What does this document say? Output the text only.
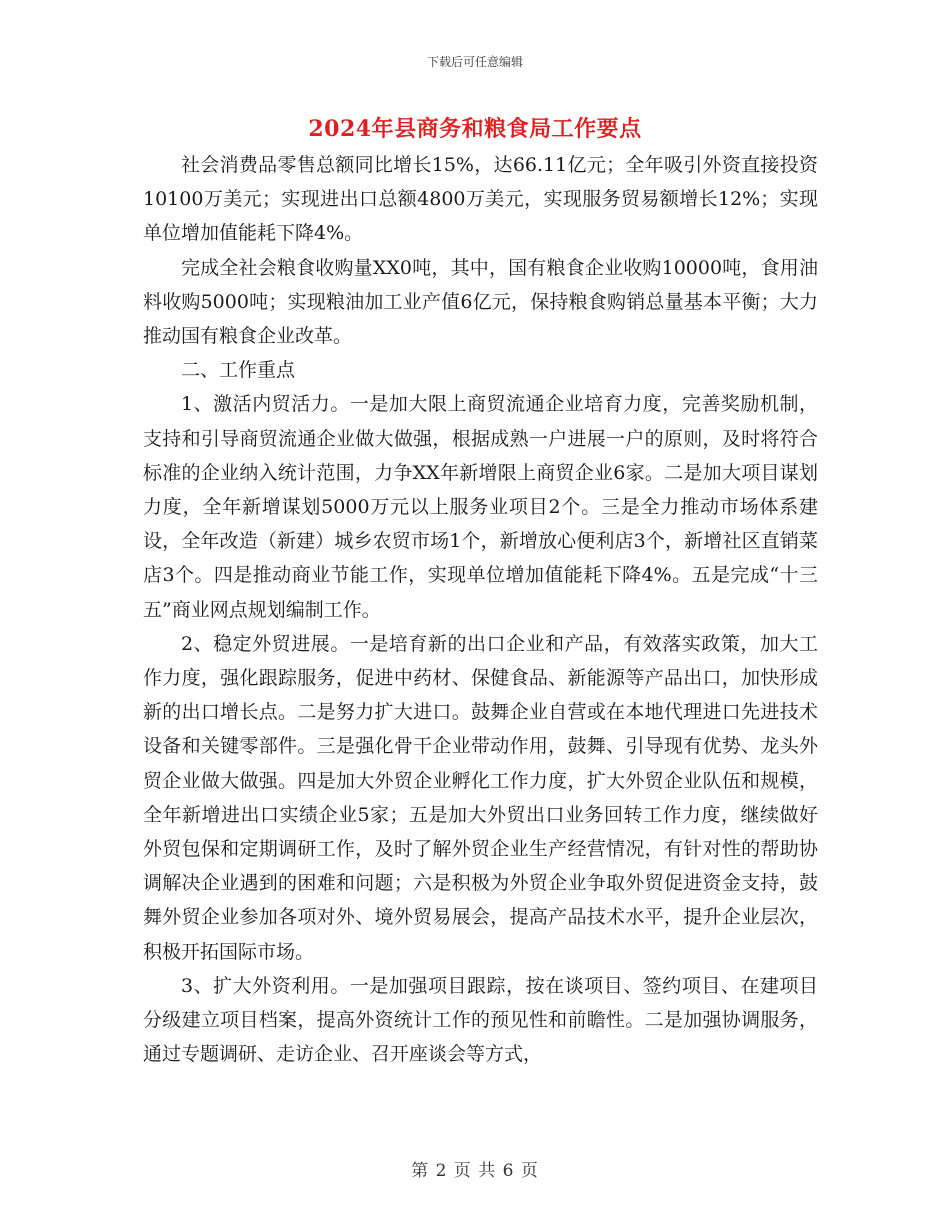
下载后可任意编辑
2024年县商务和粮食局工作要点

社会消费品零售总额同比增长15%，达66.11亿元；全年吸引外资直接投资10100万美元；实现进出口总额4800万美元，实现服务贸易额增长12%；实现单位增加值能耗下降4%。

完成全社会粮食收购量XX0吨，其中，国有粮食企业收购10000吨，食用油料收购5000吨；实现粮油加工业产值6亿元，保持粮食购销总量基本平衡；大力推动国有粮食企业改革。

二、工作重点

1、激活内贸活力。一是加大限上商贸流通企业培育力度，完善奖励机制，支持和引导商贸流通企业做大做强，根据成熟一户进展一户的原则，及时将符合标准的企业纳入统计范围，力争XX年新增限上商贸企业6家。二是加大项目谋划力度，全年新增谋划5000万元以上服务业项目2个。三是全力推动市场体系建设，全年改造（新建）城乡农贸市场1个，新增放心便利店3个，新增社区直销菜店3个。四是推动商业节能工作，实现单位增加值能耗下降4%。五是完成“十三五”商业网点规划编制工作。

2、稳定外贸进展。一是培育新的出口企业和产品，有效落实政策，加大工作力度，强化跟踪服务，促进中药材、保健食品、新能源等产品出口，加快形成新的出口增长点。二是努力扩大进口。鼓舞企业自营或在本地代理进口先进技术设备和关键零部件。三是强化骨干企业带动作用，鼓舞、引导现有优势、龙头外贸企业做大做强。四是加大外贸企业孵化工作力度，扩大外贸企业队伍和规模，全年新增进出口实绩企业5家；五是加大外贸出口业务回转工作力度，继续做好外贸包保和定期调研工作，及时了解外贸企业生产经营情况，有针对性的帮助协调解决企业遇到的困难和问题；六是积极为外贸企业争取外贸促进资金支持，鼓舞外贸企业参加各项对外、境外贸易展会，提高产品技术水平，提升企业层次，积极开拓国际市场。

3、扩大外资利用。一是加强项目跟踪，按在谈项目、签约项目、在建项目分级建立项目档案，提高外资统计工作的预见性和前瞻性。二是加强协调服务，通过专题调研、走访企业、召开座谈会等方式，

第 2 页 共 6 页
